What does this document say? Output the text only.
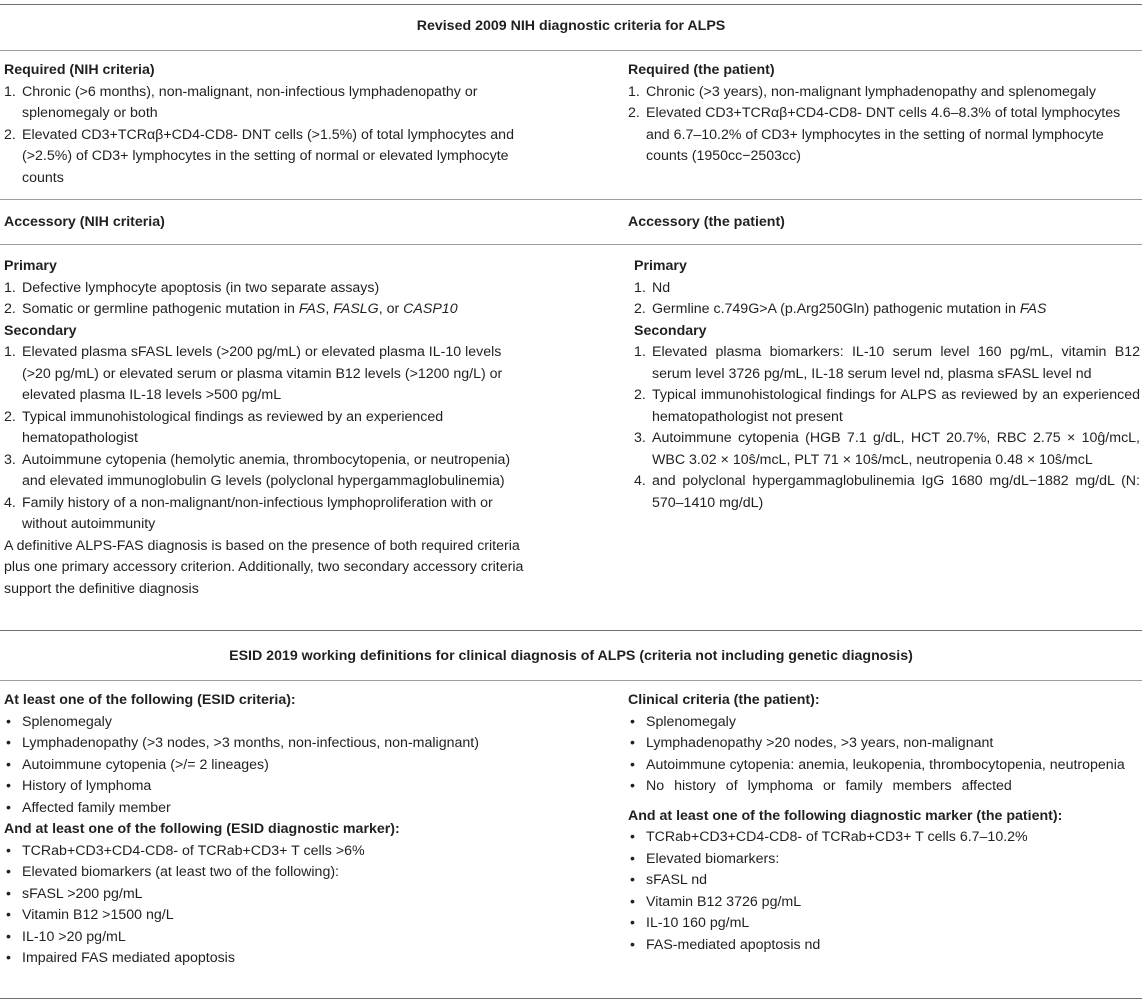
Revised 2009 NIH diagnostic criteria for ALPS
Required (NIH criteria)
1. Chronic (>6 months), non-malignant, non-infectious lymphadenopathy or splenomegaly or both
2. Elevated CD3+TCRαβ+CD4-CD8- DNT cells (>1.5%) of total lymphocytes and (>2.5%) of CD3+ lymphocytes in the setting of normal or elevated lymphocyte counts
Required (the patient)
1. Chronic (>3 years), non-malignant lymphadenopathy and splenomegaly
2. Elevated CD3+TCRαβ+CD4-CD8- DNT cells 4.6–8.3% of total lymphocytes and 6.7–10.2% of CD3+ lymphocytes in the setting of normal lymphocyte counts (1950cc−2503cc)
Accessory (NIH criteria)	Accessory (the patient)
Primary
1. Defective lymphocyte apoptosis (in two separate assays)
2. Somatic or germline pathogenic mutation in FAS, FASLG, or CASP10
Secondary
1. Elevated plasma sFASL levels (>200 pg/mL) or elevated plasma IL-10 levels (>20 pg/mL) or elevated serum or plasma vitamin B12 levels (>1200 ng/L) or elevated plasma IL-18 levels >500 pg/mL
2. Typical immunohistological findings as reviewed by an experienced hematopathologist
3. Autoimmune cytopenia (hemolytic anemia, thrombocytopenia, or neutropenia) and elevated immunoglobulin G levels (polyclonal hypergammaglobulinemia)
4. Family history of a non-malignant/non-infectious lymphoproliferation with or without autoimmunity
A definitive ALPS-FAS diagnosis is based on the presence of both required criteria plus one primary accessory criterion. Additionally, two secondary accessory criteria support the definitive diagnosis
Primary
1. Nd
2. Germline c.749G>A (p.Arg250Gln) pathogenic mutation in FAS
Secondary
1. Elevated plasma biomarkers: IL-10 serum level 160 pg/mL, vitamin B12 serum level 3726 pg/mL, IL-18 serum level nd, plasma sFASL level nd
2. Typical immunohistological findings for ALPS as reviewed by an experienced hematopathologist not present
3. Autoimmune cytopenia (HGB 7.1 g/dL, HCT 20.7%, RBC 2.75 × 10ĝ/mcL, WBC 3.02 × 10ŝ/mcL, PLT 71 × 10ŝ/mcL, neutropenia 0.48 × 10ŝ/mcL
4. and polyclonal hypergammaglobulinemia IgG 1680 mg/dL−1882 mg/dL (N: 570–1410 mg/dL)
ESID 2019 working definitions for clinical diagnosis of ALPS (criteria not including genetic diagnosis)
At least one of the following (ESID criteria):
• Splenomegaly
• Lymphadenopathy (>3 nodes, >3 months, non-infectious, non-malignant)
• Autoimmune cytopenia (>/= 2 lineages)
• History of lymphoma
• Affected family member
And at least one of the following (ESID diagnostic marker):
• TCRab+CD3+CD4-CD8- of TCRab+CD3+ T cells >6%
• Elevated biomarkers (at least two of the following):
• sFASL >200 pg/mL
• Vitamin B12 >1500 ng/L
• IL-10 >20 pg/mL
• Impaired FAS mediated apoptosis
Clinical criteria (the patient):
• Splenomegaly
• Lymphadenopathy >20 nodes, >3 years, non-malignant
• Autoimmune cytopenia: anemia, leukopenia, thrombocytopenia, neutropenia
• No history of lymphoma or family members affected
And at least one of the following diagnostic marker (the patient):
• TCRab+CD3+CD4-CD8- of TCRab+CD3+ T cells 6.7–10.2%
• Elevated biomarkers:
• sFASL nd
• Vitamin B12 3726 pg/mL
• IL-10 160 pg/mL
• FAS-mediated apoptosis nd
